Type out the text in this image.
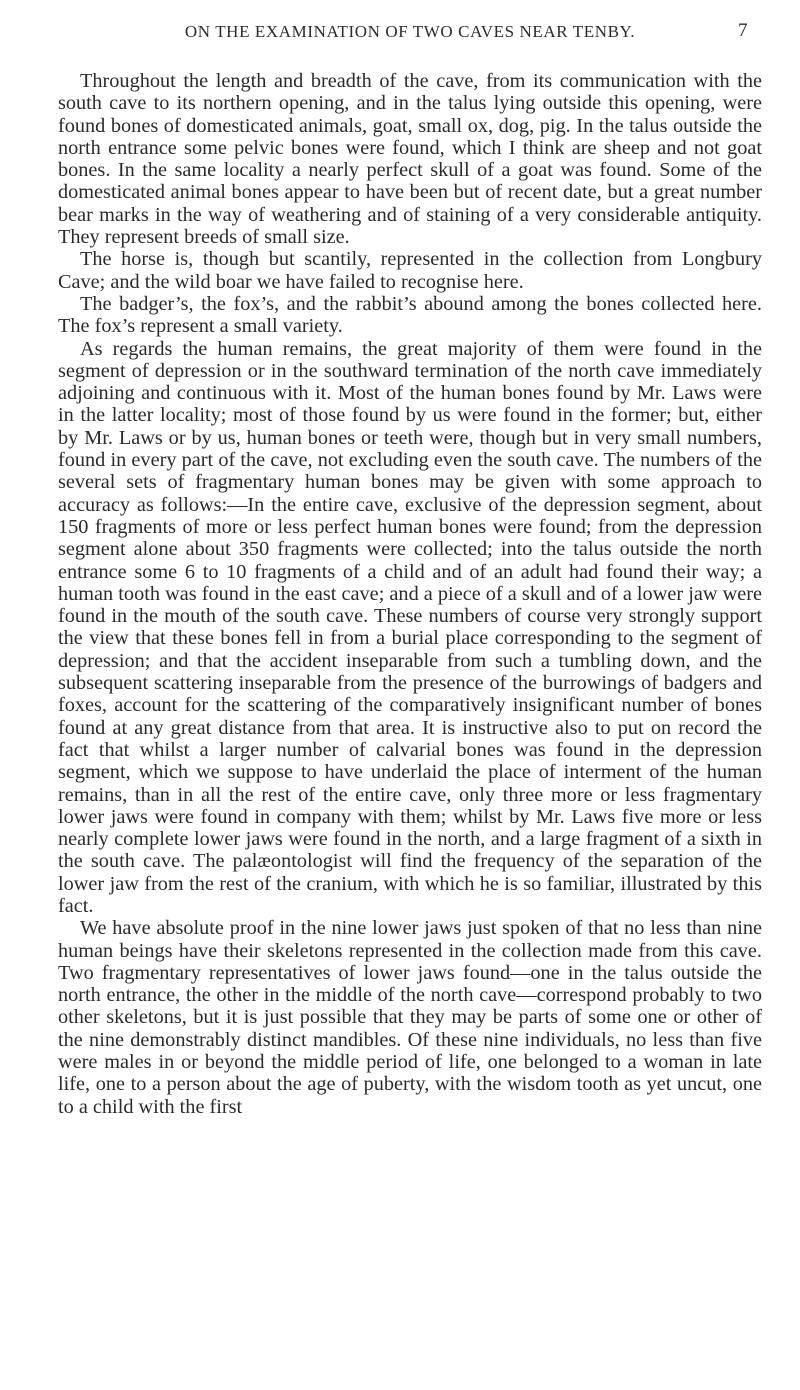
ON THE EXAMINATION OF TWO CAVES NEAR TENBY.	7

Throughout the length and breadth of the cave, from its communication with the south cave to its northern opening, and in the talus lying outside this opening, were found bones of domesticated animals, goat, small ox, dog, pig. In the talus outside the north entrance some pelvic bones were found, which I think are sheep and not goat bones. In the same locality a nearly perfect skull of a goat was found. Some of the domesticated animal bones appear to have been but of recent date, but a great number bear marks in the way of weathering and of staining of a very considerable antiquity. They represent breeds of small size.

The horse is, though but scantily, represented in the collection from Longbury Cave; and the wild boar we have failed to recognise here.

The badger’s, the fox’s, and the rabbit’s abound among the bones collected here. The fox’s represent a small variety.

As regards the human remains, the great majority of them were found in the segment of depression or in the southward termination of the north cave immediately adjoining and continuous with it. Most of the human bones found by Mr. Laws were in the latter locality; most of those found by us were found in the former; but, either by Mr. Laws or by us, human bones or teeth were, though but in very small numbers, found in every part of the cave, not excluding even the south cave. The numbers of the several sets of fragmentary human bones may be given with some approach to accuracy as follows:—In the entire cave, exclusive of the depression segment, about 150 fragments of more or less perfect human bones were found; from the depression segment alone about 350 fragments were collected; into the talus outside the north entrance some 6 to 10 fragments of a child and of an adult had found their way; a human tooth was found in the east cave; and a piece of a skull and of a lower jaw were found in the mouth of the south cave. These numbers of course very strongly support the view that these bones fell in from a burial place corresponding to the segment of depression; and that the accident inseparable from such a tumbling down, and the subsequent scattering inseparable from the presence of the burrowings of badgers and foxes, account for the scattering of the comparatively insignificant number of bones found at any great distance from that area. It is instructive also to put on record the fact that whilst a larger number of calvarial bones was found in the depression segment, which we suppose to have underlaid the place of interment of the human remains, than in all the rest of the entire cave, only three more or less fragmentary lower jaws were found in company with them; whilst by Mr. Laws five more or less nearly complete lower jaws were found in the north, and a large fragment of a sixth in the south cave. The palæontologist will find the frequency of the separation of the lower jaw from the rest of the cranium, with which he is so familiar, illustrated by this fact.

We have absolute proof in the nine lower jaws just spoken of that no less than nine human beings have their skeletons represented in the collection made from this cave. Two fragmentary representatives of lower jaws found—one in the talus outside the north entrance, the other in the middle of the north cave—correspond probably to two other skeletons, but it is just possible that they may be parts of some one or other of the nine demonstrably distinct mandibles. Of these nine individuals, no less than five were males in or beyond the middle period of life, one belonged to a woman in late life, one to a person about the age of puberty, with the wisdom tooth as yet uncut, one to a child with the first
